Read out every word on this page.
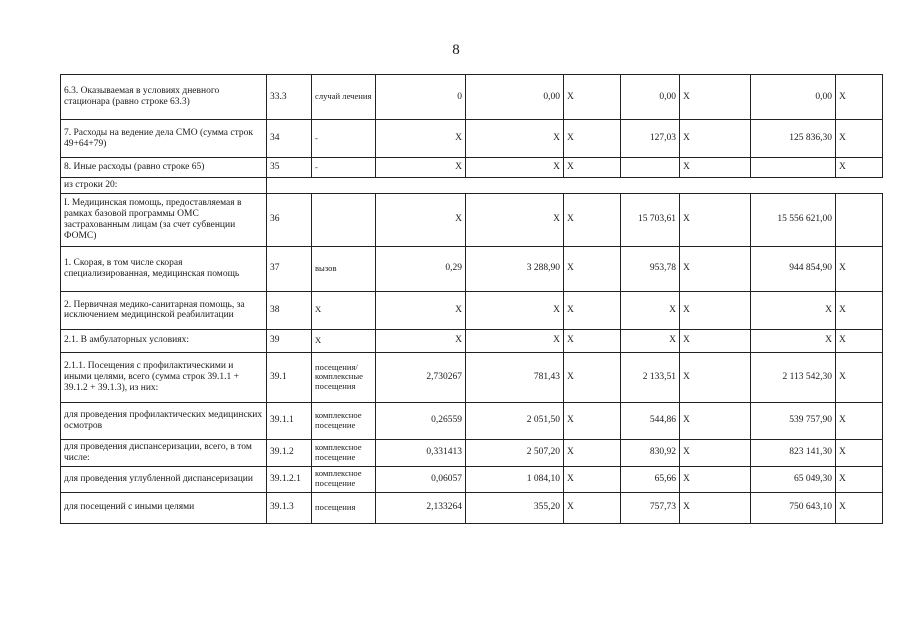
8
6.3. Оказываемая в условиях дневного стационара (равно строке 63.3)	33.3	случай лечения	0	0,00	X	0,00	X	0,00	X
7. Расходы на ведение дела СМО (сумма строк 49+64+79)	34	-	X	X	X	127,03	X	125 836,30	X
8. Иные расходы (равно строке 65)	35	-	X	X	X		X		X
из строки 20:									
I. Медицинская помощь, предоставляемая в рамках базовой программы ОМС застрахованным лицам (за счет субвенции ФОМС)	36		X	X	X	15 703,61	X	15 556 621,00	
1. Скорая, в том числе скорая специализированная, медицинская помощь	37	вызов	0,29	3 288,90	X	953,78	X	944 854,90	X
2. Первичная медико-санитарная помощь, за исключением медицинской реабилитации	38	X	X	X	X	X	X	X	X
2.1. В амбулаторных условиях:	39	X	X	X	X	X	X	X	X
2.1.1. Посещения с профилактическими и иными целями, всего (сумма строк 39.1.1 + 39.1.2 + 39.1.3), из них:	39.1	посещения/ комплексные посещения	2,730267	781,43	X	2 133,51	X	2 113 542,30	X
для проведения профилактических медицинских осмотров	39.1.1	комплексное посещение	0,26559	2 051,50	X	544,86	X	539 757,90	X
для проведения диспансеризации, всего, в том числе:	39.1.2	комплексное посещение	0,331413	2 507,20	X	830,92	X	823 141,30	X
для проведения углубленной диспансеризации	39.1.2.1	комплексное посещение	0,06057	1 084,10	X	65,66	X	65 049,30	X
для посещений с иными целями	39.1.3	посещения	2,133264	355,20	X	757,73	X	750 643,10	X
